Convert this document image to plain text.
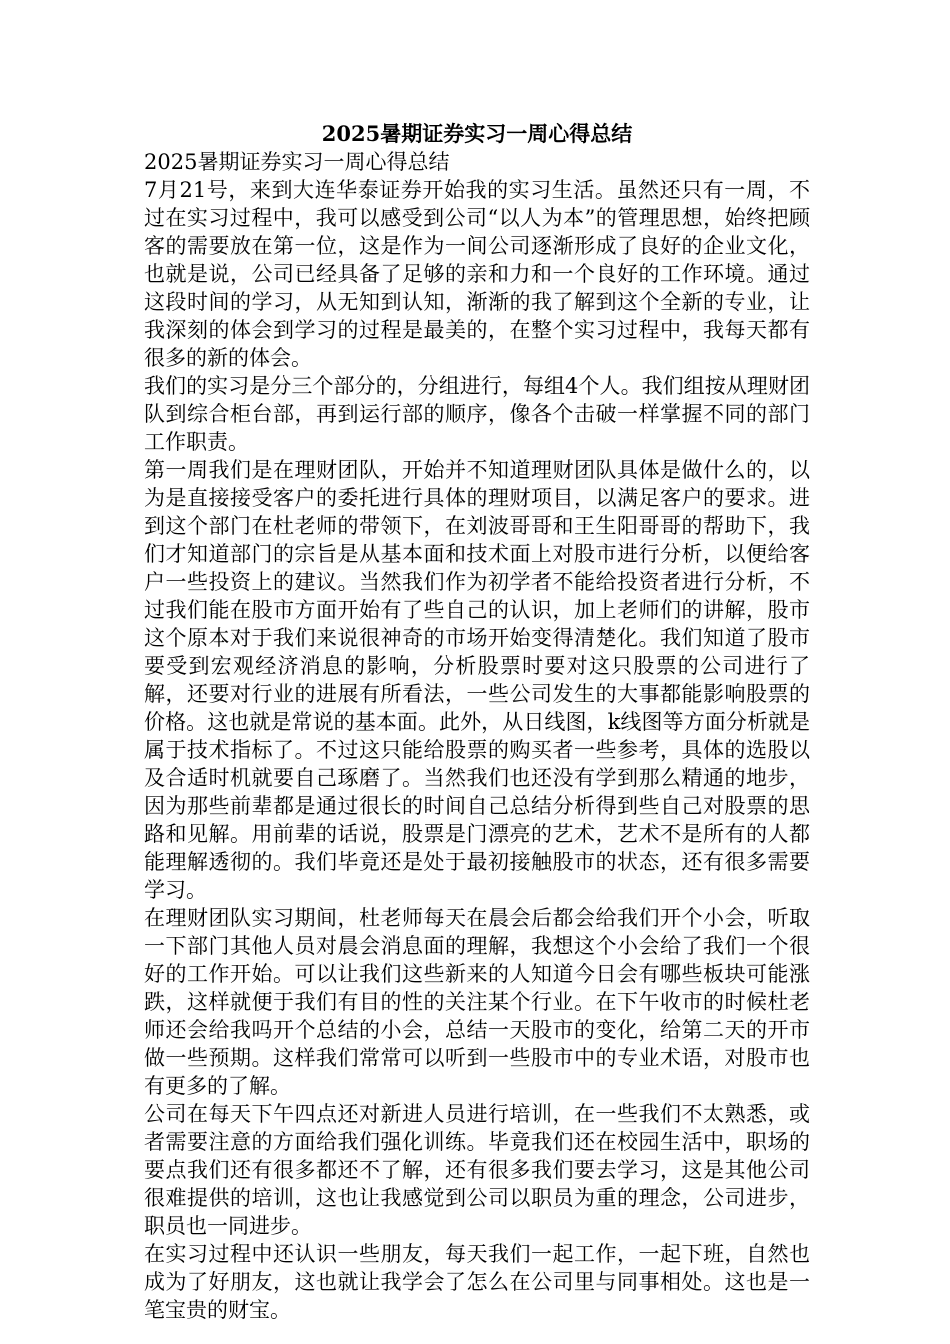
2025暑期证券实习一周心得总结

2025暑期证券实习一周心得总结

7月21号，来到大连华泰证券开始我的实习生活。虽然还只有一周，不过在实习过程中，我可以感受到公司“以人为本”的管理思想，始终把顾客的需要放在第一位，这是作为一间公司逐渐形成了良好的企业文化，也就是说，公司已经具备了足够的亲和力和一个良好的工作环境。通过这段时间的学习，从无知到认知，渐渐的我了解到这个全新的专业，让我深刻的体会到学习的过程是最美的，在整个实习过程中，我每天都有很多的新的体会。

我们的实习是分三个部分的，分组进行，每组4个人。我们组按从理财团队到综合柜台部，再到运行部的顺序，像各个击破一样掌握不同的部门工作职责。

第一周我们是在理财团队，开始并不知道理财团队具体是做什么的，以为是直接接受客户的委托进行具体的理财项目，以满足客户的要求。进到这个部门在杜老师的带领下，在刘波哥哥和王生阳哥哥的帮助下，我们才知道部门的宗旨是从基本面和技术面上对股市进行分析，以便给客户一些投资上的建议。当然我们作为初学者不能给投资者进行分析，不过我们能在股市方面开始有了些自己的认识，加上老师们的讲解，股市这个原本对于我们来说很神奇的市场开始变得清楚化。我们知道了股市要受到宏观经济消息的影响，分析股票时要对这只股票的公司进行了解，还要对行业的进展有所看法，一些公司发生的大事都能影响股票的价格。这也就是常说的基本面。此外，从日线图，k线图等方面分析就是属于技术指标了。不过这只能给股票的购买者一些参考，具体的选股以及合适时机就要自己琢磨了。当然我们也还没有学到那么精通的地步，因为那些前辈都是通过很长的时间自己总结分析得到些自己对股票的思路和见解。用前辈的话说，股票是门漂亮的艺术，艺术不是所有的人都能理解透彻的。我们毕竟还是处于最初接触股市的状态，还有很多需要学习。

在理财团队实习期间，杜老师每天在晨会后都会给我们开个小会，听取一下部门其他人员对晨会消息面的理解，我想这个小会给了我们一个很好的工作开始。可以让我们这些新来的人知道今日会有哪些板块可能涨跌，这样就便于我们有目的性的关注某个行业。在下午收市的时候杜老师还会给我吗开个总结的小会，总结一天股市的变化，给第二天的开市做一些预期。这样我们常常可以听到一些股市中的专业术语，对股市也有更多的了解。

公司在每天下午四点还对新进人员进行培训，在一些我们不太熟悉，或者需要注意的方面给我们强化训练。毕竟我们还在校园生活中，职场的要点我们还有很多都还不了解，还有很多我们要去学习，这是其他公司很难提供的培训，这也让我感觉到公司以职员为重的理念，公司进步，职员也一同进步。

在实习过程中还认识一些朋友，每天我们一起工作，一起下班，自然也成为了好朋友，这也就让我学会了怎么在公司里与同事相处。这也是一笔宝贵的财宝。
